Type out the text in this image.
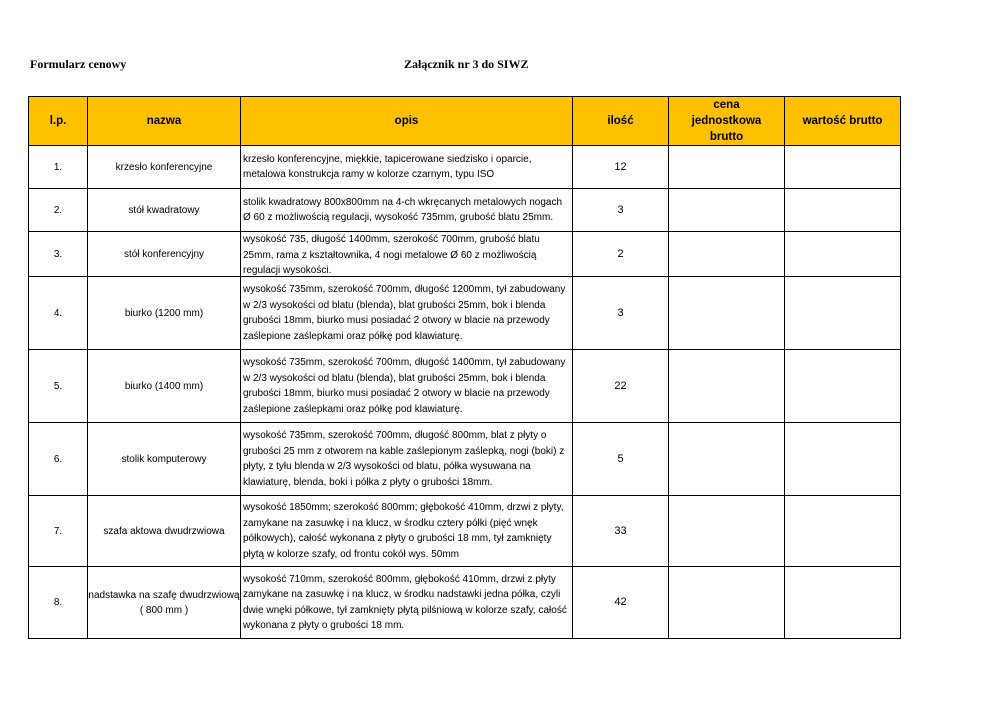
Formularz cenowy	Załącznik nr 3 do SIWZ
l.p.	nazwa	opis	ilość	cena jednostkowa brutto	wartość brutto
1.	krzesło konferencyjne	krzesło konferencyjne, miękkie, tapicerowane siedzisko i oparcie, metalowa konstrukcja ramy w kolorze czarnym, typu ISO	12		
2.	stół kwadratowy	stolik kwadratowy 800x800mm na 4-ch wkręcanych metalowych nogach Ø 60 z możliwością regulacji, wysokość 735mm, grubość blatu 25mm.	3		
3.	stół konferencyjny	wysokość 735, długość 1400mm, szerokość 700mm, grubość blatu 25mm, rama z kształtownika, 4 nogi metalowe Ø 60 z możliwością regulacji wysokości.	2		
4.	biurko (1200 mm)	wysokość 735mm, szerokość 700mm, długość 1200mm, tył zabudowany w 2/3 wysokości od blatu (blenda), blat grubości 25mm, bok i blenda grubości 18mm, biurko musi posiadać 2 otwory w blacie na przewody zaślepione zaślepkami oraz półkę pod klawiaturę.	3		
5.	biurko (1400 mm)	wysokość 735mm, szerokość 700mm, długość 1400mm, tył zabudowany w 2/3 wysokości od blatu (blenda), blat grubości 25mm, bok i blenda grubości 18mm, biurko musi posiadać 2 otwory w blacie na przewody zaślepione zaślepkami oraz półkę pod klawiaturę.	22		
6.	stolik komputerowy	wysokość 735mm, szerokość 700mm, długość 800mm, blat z płyty o grubości 25 mm z otworem na kable zaślepionym zaślepką, nogi (boki) z płyty, z tyłu blenda w 2/3 wysokości od blatu, półka wysuwana na klawiaturę, blenda, boki i półka z płyty o grubości 18mm.	5		
7.	szafa aktowa dwudrzwiowa	wysokość 1850mm; szerokość 800mm; głębokość 410mm, drzwi z płyty, zamykane na zasuwkę i na klucz, w środku cztery półki (pięć wnęk półkowych), całość wykonana z płyty o grubości 18 mm, tył zamknięty płytą w kolorze szafy, od frontu cokół wys. 50mm	33		
8.	nadstawka na szafę dwudrzwiową ( 800 mm )	wysokość 710mm, szerokość 800mm, głębokość 410mm, drzwi z płyty zamykane na zasuwkę i na klucz, w środku nadstawki jedna półka, czyli dwie wnęki półkowe, tył zamknięty płytą pilśniową w kolorze szafy, całość wykonana z płyty o grubości 18 mm.	42		
